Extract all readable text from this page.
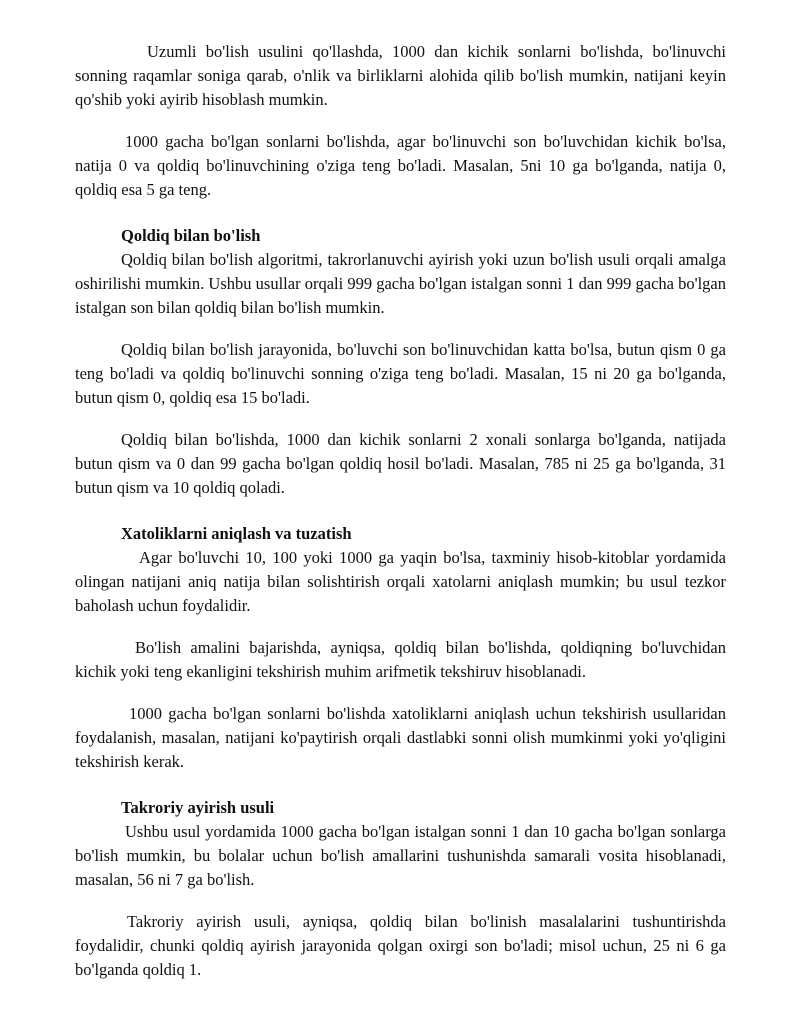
Uzumli bo'lish usulini qo'llashda, 1000 dan kichik sonlarni bo'lishda, bo'linuvchi sonning raqamlar soniga qarab, o'nlik va birliklarni alohida qilib bo'lish mumkin, natijani keyin qo'shib yoki ayirib hisoblash mumkin.

1000 gacha bo'lgan sonlarni bo'lishda, agar bo'linuvchi son bo'luvchidan kichik bo'lsa, natija 0 va qoldiq bo'linuvchining o'ziga teng bo'ladi. Masalan, 5ni 10 ga bo'lganda, natija 0, qoldiq esa 5 ga teng.

Qoldiq bilan bo'lish

Qoldiq bilan bo'lish algoritmi, takrorlanuvchi ayirish yoki uzun bo'lish usuli orqali amalga oshirilishi mumkin. Ushbu usullar orqali 999 gacha bo'lgan istalgan sonni 1 dan 999 gacha bo'lgan istalgan son bilan qoldiq bilan bo'lish mumkin.

Qoldiq bilan bo'lish jarayonida, bo'luvchi son bo'linuvchidan katta bo'lsa, butun qism 0 ga teng bo'ladi va qoldiq bo'linuvchi sonning o'ziga teng bo'ladi. Masalan, 15 ni 20 ga bo'lganda, butun qism 0, qoldiq esa 15 bo'ladi.

Qoldiq bilan bo'lishda, 1000 dan kichik sonlarni 2 xonali sonlarga bo'lganda, natijada butun qism va 0 dan 99 gacha bo'lgan qoldiq hosil bo'ladi. Masalan, 785 ni 25 ga bo'lganda, 31 butun qism va 10 qoldiq qoladi.

Xatoliklarni aniqlash va tuzatish

Agar bo'luvchi 10, 100 yoki 1000 ga yaqin bo'lsa, taxminiy hisob-kitoblar yordamida olingan natijani aniq natija bilan solishtirish orqali xatolarni aniqlash mumkin; bu usul tezkor baholash uchun foydalidir.

Bo'lish amalini bajarishda, ayniqsa, qoldiq bilan bo'lishda, qoldiqning bo'luvchidan kichik yoki teng ekanligini tekshirish muhim arifmetik tekshiruv hisoblanadi.

1000 gacha bo'lgan sonlarni bo'lishda xatoliklarni aniqlash uchun tekshirish usullaridan foydalanish, masalan, natijani ko'paytirish orqali dastlabki sonni olish mumkinmi yoki yo'qligini tekshirish kerak.

Takroriy ayirish usuli

Ushbu usul yordamida 1000 gacha bo'lgan istalgan sonni 1 dan 10 gacha bo'lgan sonlarga bo'lish mumkin, bu bolalar uchun bo'lish amallarini tushunishda samarali vosita hisoblanadi, masalan, 56 ni 7 ga bo'lish.

Takroriy ayirish usuli, ayniqsa, qoldiq bilan bo'linish masalalarini tushuntirishda foydalidir, chunki qoldiq ayirish jarayonida qolgan oxirgi son bo'ladi; misol uchun, 25 ni 6 ga bo'lganda qoldiq 1.
